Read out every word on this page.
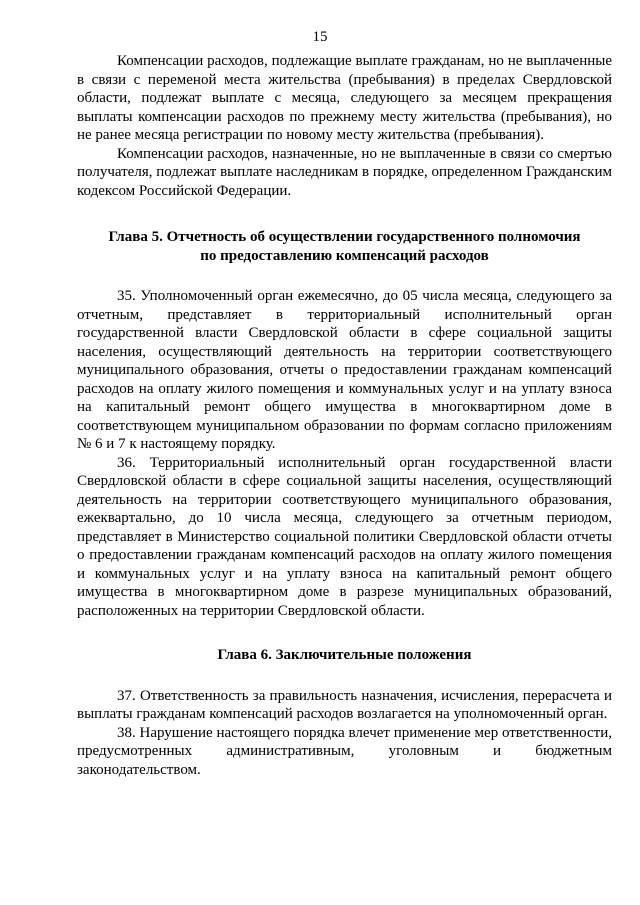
15

Компенсации расходов, подлежащие выплате гражданам, но не выплаченные в связи с переменой места жительства (пребывания) в пределах Свердловской области, подлежат выплате с месяца, следующего за месяцем прекращения выплаты компенсации расходов по прежнему месту жительства (пребывания), но не ранее месяца регистрации по новому месту жительства (пребывания).

Компенсации расходов, назначенные, но не выплаченные в связи со смертью получателя, подлежат выплате наследникам в порядке, определенном Гражданским кодексом Российской Федерации.

Глава 5. Отчетность об осуществлении государственного полномочия
по предоставлению компенсаций расходов

35. Уполномоченный орган ежемесячно, до 05 числа месяца, следующего за отчетным, представляет в территориальный исполнительный орган государственной власти Свердловской области в сфере социальной защиты населения, осуществляющий деятельность на территории соответствующего муниципального образования, отчеты о предоставлении гражданам компенсаций расходов на оплату жилого помещения и коммунальных услуг и на уплату взноса на капитальный ремонт общего имущества в многоквартирном доме в соответствующем муниципальном образовании по формам согласно приложениям № 6 и 7 к настоящему порядку.

36. Территориальный исполнительный орган государственной власти Свердловской области в сфере социальной защиты населения, осуществляющий деятельность на территории соответствующего муниципального образования, ежеквартально, до 10 числа месяца, следующего за отчетным периодом, представляет в Министерство социальной политики Свердловской области отчеты о предоставлении гражданам компенсаций расходов на оплату жилого помещения и коммунальных услуг и на уплату взноса на капитальный ремонт общего имущества в многоквартирном доме в разрезе муниципальных образований, расположенных на территории Свердловской области.

Глава 6. Заключительные положения

37. Ответственность за правильность назначения, исчисления, перерасчета и выплаты гражданам компенсаций расходов возлагается на уполномоченный орган.

38. Нарушение настоящего порядка влечет применение мер ответственности, предусмотренных административным, уголовным и бюджетным законодательством.
